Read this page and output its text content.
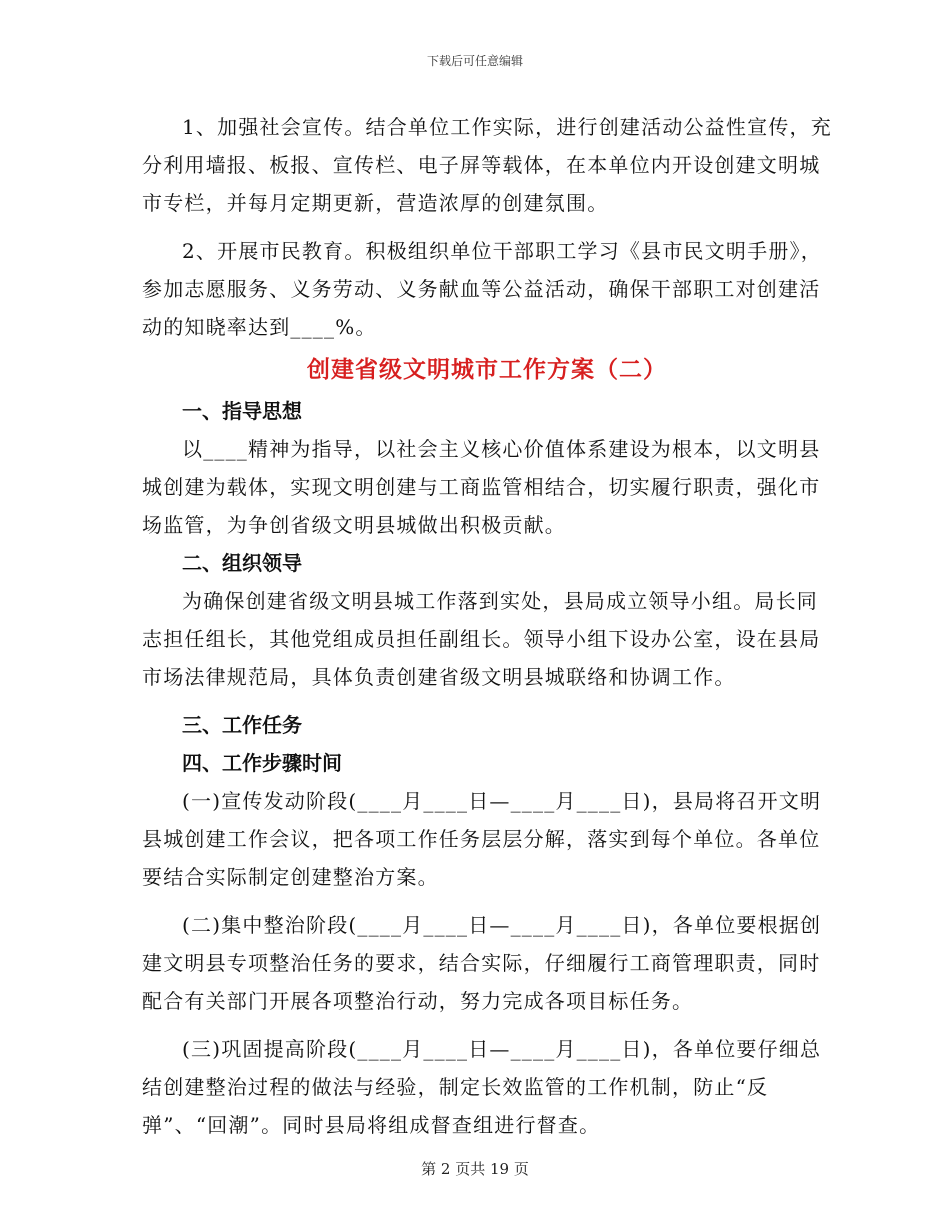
下载后可任意编辑

1、加强社会宣传。结合单位工作实际，进行创建活动公益性宣传，充分利用墙报、板报、宣传栏、电子屏等载体，在本单位内开设创建文明城市专栏，并每月定期更新，营造浓厚的创建氛围。

2、开展市民教育。积极组织单位干部职工学习《县市民文明手册》，参加志愿服务、义务劳动、义务献血等公益活动，确保干部职工对创建活动的知晓率达到____%。

创建省级文明城市工作方案（二）

一、指导思想

以____精神为指导，以社会主义核心价值体系建设为根本，以文明县城创建为载体，实现文明创建与工商监管相结合，切实履行职责，强化市场监管，为争创省级文明县城做出积极贡献。

二、组织领导

为确保创建省级文明县城工作落到实处，县局成立领导小组。局长同志担任组长，其他党组成员担任副组长。领导小组下设办公室，设在县局市场法律规范局，具体负责创建省级文明县城联络和协调工作。

三、工作任务

四、工作步骤时间

(一)宣传发动阶段(____月____日—____月____日)，县局将召开文明县城创建工作会议，把各项工作任务层层分解，落实到每个单位。各单位要结合实际制定创建整治方案。

(二)集中整治阶段(____月____日—____月____日)，各单位要根据创建文明县专项整治任务的要求，结合实际，仔细履行工商管理职责，同时配合有关部门开展各项整治行动，努力完成各项目标任务。

(三)巩固提高阶段(____月____日—____月____日)，各单位要仔细总结创建整治过程的做法与经验，制定长效监管的工作机制，防止“反弹”、“回潮”。同时县局将组成督查组进行督查。

第 2 页共 19 页
